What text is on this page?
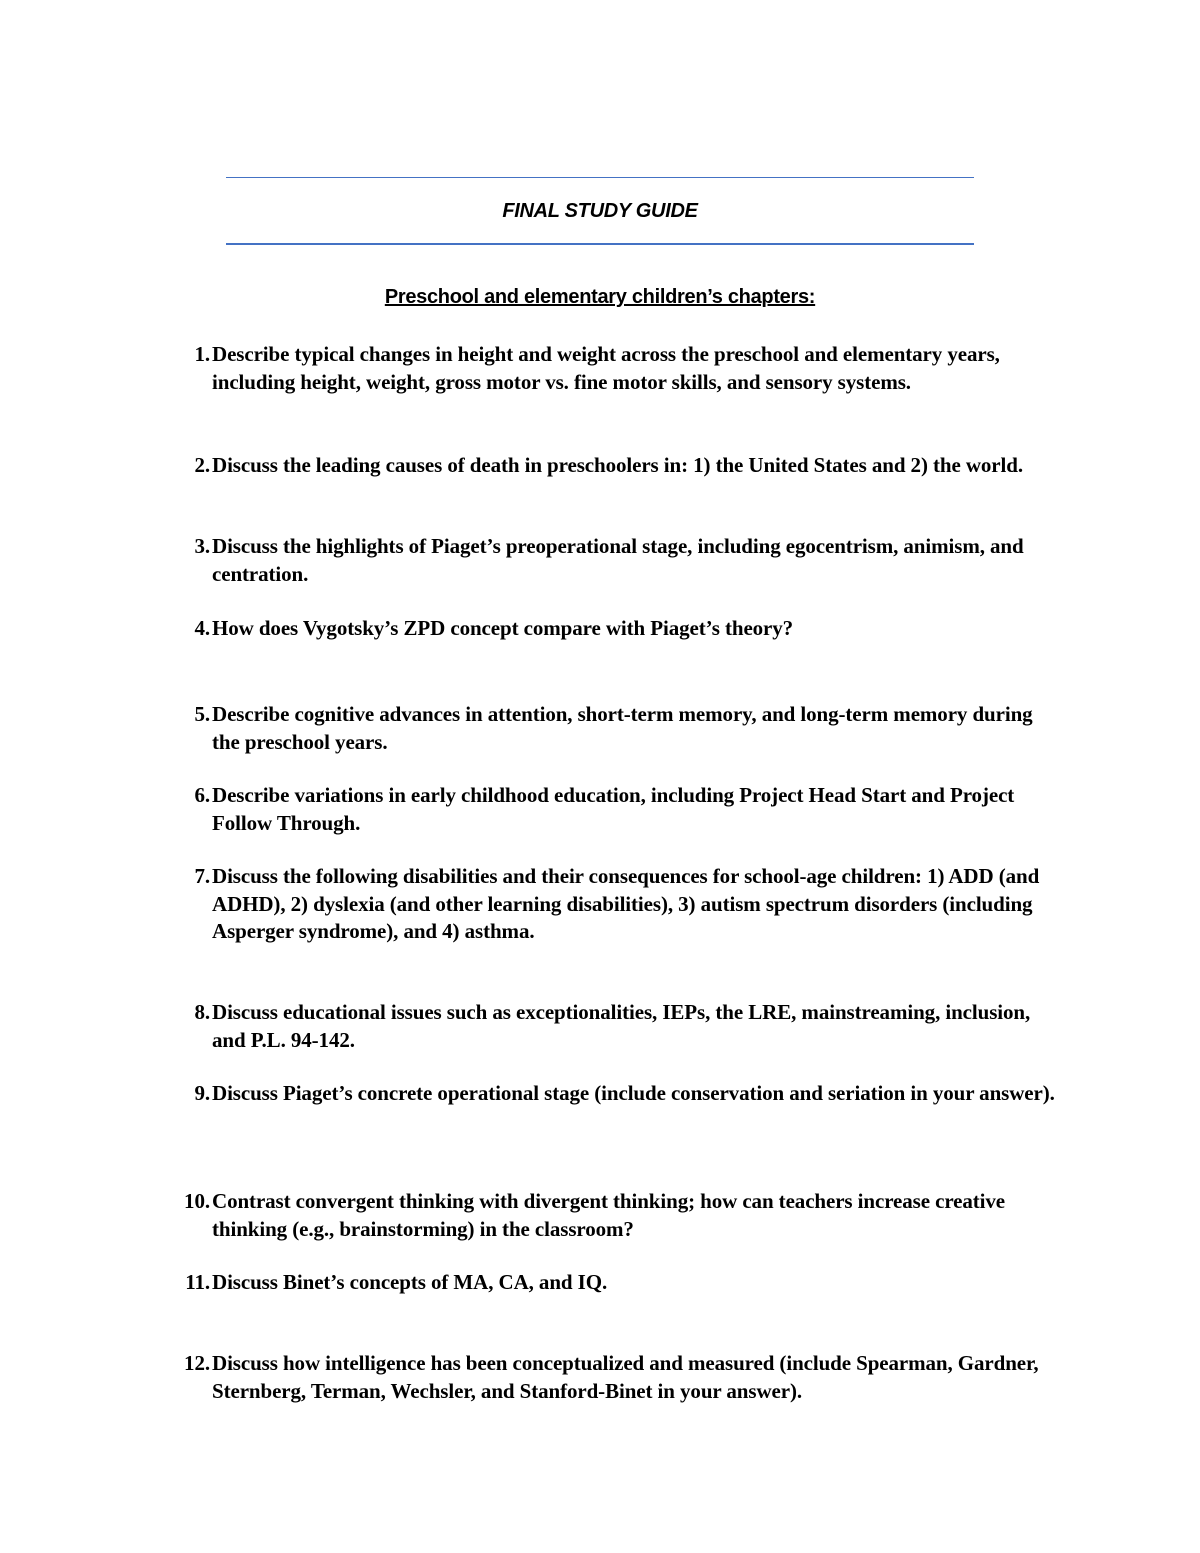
FINAL STUDY GUIDE
Preschool and elementary children’s chapters:
1. Describe typical changes in height and weight across the preschool and elementary years, including height, weight, gross motor vs. fine motor skills, and sensory systems.
2. Discuss the leading causes of death in preschoolers in: 1) the United States and 2) the world.
3. Discuss the highlights of Piaget’s preoperational stage, including egocentrism, animism, and centration.
4. How does Vygotsky’s ZPD concept compare with Piaget’s theory?
5. Describe cognitive advances in attention, short-term memory, and long-term memory during the preschool years.
6. Describe variations in early childhood education, including Project Head Start and Project Follow Through.
7. Discuss the following disabilities and their consequences for school-age children: 1) ADD (and ADHD), 2) dyslexia (and other learning disabilities), 3) autism spectrum disorders (including Asperger syndrome), and 4) asthma.
8. Discuss educational issues such as exceptionalities, IEPs, the LRE, mainstreaming, inclusion, and P.L. 94-142.
9. Discuss Piaget’s concrete operational stage (include conservation and seriation in your answer).
10. Contrast convergent thinking with divergent thinking; how can teachers increase creative thinking (e.g., brainstorming) in the classroom?
11. Discuss Binet’s concepts of MA, CA, and IQ.
12. Discuss how intelligence has been conceptualized and measured (include Spearman, Gardner, Sternberg, Terman, Wechsler, and Stanford-Binet in your answer).
